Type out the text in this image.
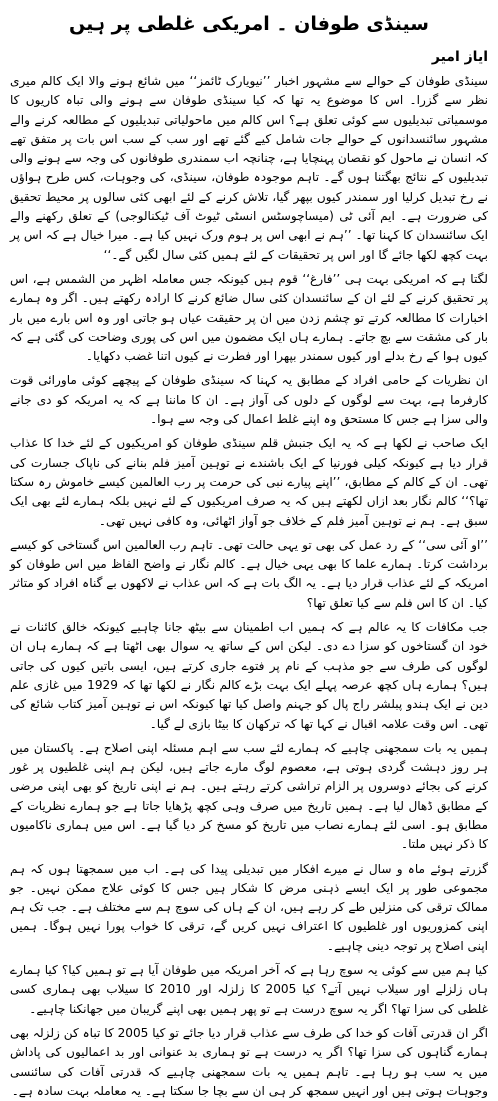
سینڈی طوفان ۔ امریکی غلطی پر ہیں
ایاز امیر

سینڈی طوفان کے حوالے سے مشہور اخبار ’’نیویارک ٹائمز‘‘ میں شائع ہونے والا ایک کالم میری نظر سے گزرا۔ اس کا موضوع یہ تھا کہ کیا سینڈی طوفان سے ہونے والی تباہ کاریوں کا موسمیاتی تبدیلیوں سے کوئی تعلق ہے؟ اس کالم میں ماحولیاتی تبدیلیوں کے مطالعہ کرنے والے مشہور سائنسدانوں کے حوالے جات شامل کیے گئے تھے اور سب کے سب اس بات پر متفق تھے کہ انسان نے ماحول کو نقصان پہنچایا ہے، چنانچہ اب سمندری طوفانوں کی وجہ سے ہونے والی تبدیلیوں کے نتائج بھگتنا ہوں گے۔ تاہم موجودہ طوفان، سینڈی، کی وجوہات، کس طرح ہواؤں نے رخ تبدیل کرلیا اور سمندر کیوں بپھر گیا، تلاش کرنے کے لئے ابھی کئی سالوں پر محیط تحقیق کی ضرورت ہے۔ ایم آئی ٹی (میساچوسٹس انسٹی ٹیوٹ آف ٹیکنالوجی) کے تعلق رکھنے والے ایک سائنسدان کا کہنا تھا۔ ’’ہم نے ابھی اس پر ہوم ورک نہیں کیا ہے۔ میرا خیال ہے کہ اس پر بہت کچھ لکھا جائے گا اور اس پر تحقیقات کے لئے ہمیں کئی سال لگیں گے۔‘‘

لگتا ہے کہ امریکی بہت ہی ’’فارغ‘‘ قوم ہیں کیونکہ جس معاملہ اظہر من الشمس ہے، اس پر تحقیق کرنے کے لئے ان کے سائنسدان کئی سال ضائع کرنے کا ارادہ رکھتے ہیں۔ اگر وہ ہمارے اخبارات کا مطالعہ کرتے تو چشم زدن میں ان پر حقیقت عیاں ہو جاتی اور وہ اس بارے میں بار بار کی مشقت سے بچ جاتے۔ ہمارے ہاں ایک مضمون میں اس کی پوری وضاحت کی گئی ہے کہ کیوں ہوا کے رخ بدلے اور کیوں سمندر بپھرا اور فطرت نے کیوں اتنا غضب دکھایا۔

ان نظریات کے حامی افراد کے مطابق یہ کہنا کہ سینڈی طوفان کے پیچھے کوئی ماورائی قوت کارفرما ہے، بہت سے لوگوں کے دلوں کی آواز ہے۔ ان کا ماننا ہے کہ یہ امریکہ کو دی جانے والی سزا ہے جس کا مستحق وہ اپنے غلط اعمال کی وجہ سے ہوا۔

ایک صاحب نے لکھا ہے کہ یہ ایک جنبش قلم سینڈی طوفان کو امریکیوں کے لئے خدا کا عذاب قرار دیا ہے کیونکہ کیلی فورنیا کے ایک باشندے نے توہین آمیز فلم بنانے کی ناپاک جسارت کی تھی۔ ان کے کالم کے مطابق، ’’اپنے پیارے نبی کی حرمت پر رب العالمین کیسے خاموش رہ سکتا تھا؟‘‘ کالم نگار بعد ازاں لکھتے ہیں کہ یہ صرف امریکیوں کے لئے نہیں بلکہ ہمارے لئے بھی ایک سبق ہے۔ ہم نے توہین آمیز فلم کے خلاف جو آواز اٹھائی، وہ کافی نہیں تھی۔

’’او آئی سی‘‘ کے رد عمل کی بھی تو یہی حالت تھی۔ تاہم رب العالمین اس گستاخی کو کیسے برداشت کرتا۔ ہمارے علما کا بھی یہی خیال ہے۔ کالم نگار نے واضح الفاظ میں اس طوفان کو امریکہ کے لئے عذاب قرار دیا ہے۔ یہ الگ بات ہے کہ اس عذاب نے لاکھوں بے گناہ افراد کو متاثر کیا۔ ان کا اس فلم سے کیا تعلق تھا؟

جب مکافات کا یہ عالم ہے کہ ہمیں اب اطمینان سے بیٹھ جانا چاہیے کیونکہ خالق کائنات نے خود ان گستاخوں کو سزا دے دی۔ لیکن اس کے ساتھ یہ سوال بھی اٹھتا ہے کہ ہمارے ہاں ان لوگوں کی طرف سے جو مذہب کے نام پر فتوے جاری کرتے ہیں، ایسی باتیں کیوں کی جاتی ہیں؟ ہمارے ہاں کچھ عرصہ پہلے ایک بہت بڑے کالم نگار نے لکھا تھا کہ 1929 میں غازی علم دین نے ایک ہندو پبلشر راج پال کو جہنم واصل کیا تھا کیونکہ اس نے توہین آمیز کتاب شائع کی تھی۔ اس وقت علامہ اقبال نے کہا تھا کہ ترکھان کا بیٹا بازی لے گیا۔

ہمیں یہ بات سمجھنی چاہیے کہ ہمارے لئے سب سے اہم مسئلہ اپنی اصلاح ہے۔ پاکستان میں ہر روز دہشت گردی ہوتی ہے، معصوم لوگ مارے جاتے ہیں، لیکن ہم اپنی غلطیوں پر غور کرنے کی بجائے دوسروں پر الزام تراشی کرتے رہتے ہیں۔ ہم نے اپنی تاریخ کو بھی اپنی مرضی کے مطابق ڈھال لیا ہے۔ ہمیں تاریخ میں صرف وہی کچھ پڑھایا جاتا ہے جو ہمارے نظریات کے مطابق ہو۔ اسی لئے ہمارے نصاب میں تاریخ کو مسخ کر دیا گیا ہے۔ اس میں ہماری ناکامیوں کا ذکر نہیں ملتا۔

گزرتے ہوئے ماہ و سال نے میرے افکار میں تبدیلی پیدا کی ہے۔ اب میں سمجھتا ہوں کہ ہم مجموعی طور پر ایک ایسے ذہنی مرض کا شکار ہیں جس کا کوئی علاج ممکن نہیں۔ جو ممالک ترقی کی منزلیں طے کر رہے ہیں، ان کے ہاں کی سوچ ہم سے مختلف ہے۔ جب تک ہم اپنی کمزوریوں اور غلطیوں کا اعتراف نہیں کریں گے، ترقی کا خواب پورا نہیں ہوگا۔ ہمیں اپنی اصلاح پر توجہ دینی چاہیے۔

کیا ہم میں سے کوئی یہ سوچ رہا ہے کہ آخر امریکہ میں طوفان آیا ہے تو ہمیں کیا؟ کیا ہمارے ہاں زلزلے اور سیلاب نہیں آتے؟ کیا 2005 کا زلزلہ اور 2010 کا سیلاب بھی ہماری کسی غلطی کی سزا تھا؟ اگر یہ سوچ درست ہے تو پھر ہمیں بھی اپنے گریبان میں جھانکنا چاہیے۔

اگر ان قدرتی آفات کو خدا کی طرف سے عذاب قرار دیا جائے تو کیا 2005 کا تباہ کن زلزلہ بھی ہمارے گناہوں کی سزا تھا؟ اگر یہ درست ہے تو ہماری بد عنوانی اور بد اعمالیوں کی پاداش میں یہ سب ہو رہا ہے۔ تاہم ہمیں یہ بات سمجھنی چاہیے کہ قدرتی آفات کی سائنسی وجوہات ہوتی ہیں اور انہیں سمجھ کر ہی ان سے بچا جا سکتا ہے۔ یہ معاملہ بہت سادہ ہے۔
